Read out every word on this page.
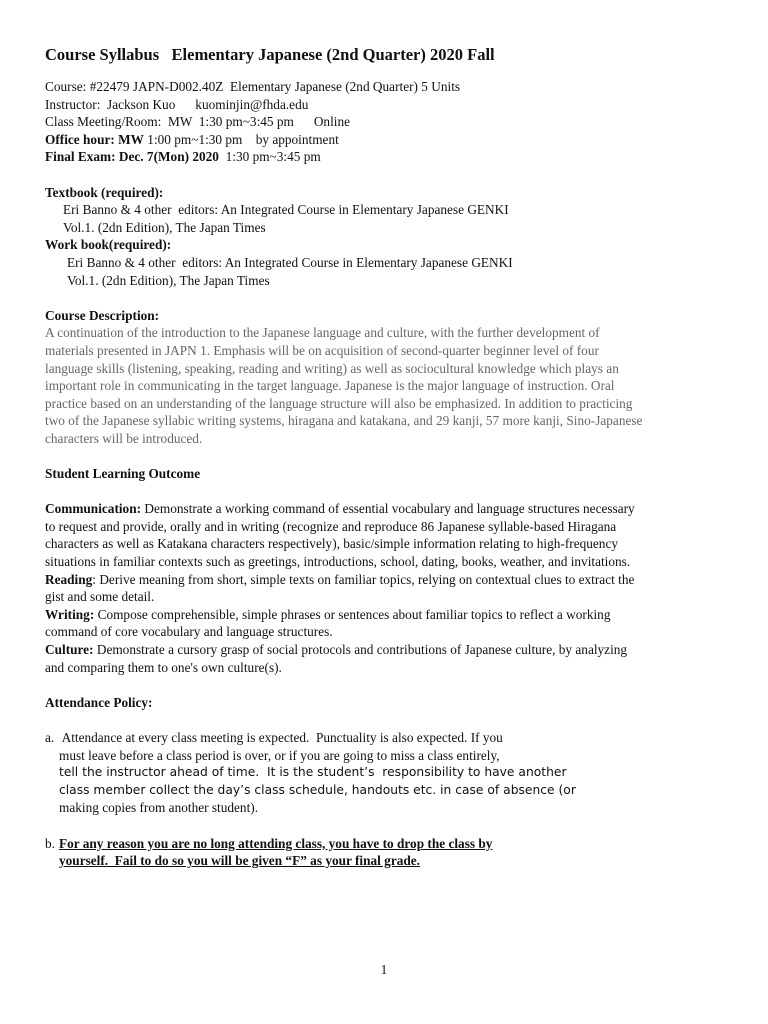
Course Syllabus   Elementary Japanese (2nd Quarter) 2020 Fall
Course: #22479 JAPN-D002.40Z  Elementary Japanese (2nd Quarter) 5 Units
Instructor:  Jackson Kuo      kuominjin@fhda.edu
Class Meeting/Room:  MW  1:30 pm~3:45 pm      Online
Office hour: MW 1:00 pm~1:30 pm    by appointment
Final Exam: Dec. 7(Mon) 2020  1:30 pm~3:45 pm
Textbook (required):
Eri Banno & 4 other  editors: An Integrated Course in Elementary Japanese GENKI
Vol.1. (2dn Edition), The Japan Times
Work book(required):
Eri Banno & 4 other  editors: An Integrated Course in Elementary Japanese GENKI
Vol.1. (2dn Edition), The Japan Times
Course Description:
A continuation of the introduction to the Japanese language and culture, with the further development of
materials presented in JAPN 1. Emphasis will be on acquisition of second-quarter beginner level of four
language skills (listening, speaking, reading and writing) as well as sociocultural knowledge which plays an
important role in communicating in the target language. Japanese is the major language of instruction. Oral
practice based on an understanding of the language structure will also be emphasized. In addition to practicing
two of the Japanese syllabic writing systems, hiragana and katakana, and 29 kanji, 57 more kanji, Sino-Japanese
characters will be introduced.
Student Learning Outcome
Communication: Demonstrate a working command of essential vocabulary and language structures necessary
to request and provide, orally and in writing (recognize and reproduce 86 Japanese syllable-based Hiragana
characters as well as Katakana characters respectively), basic/simple information relating to high-frequency
situations in familiar contexts such as greetings, introductions, school, dating, books, weather, and invitations.
Reading: Derive meaning from short, simple texts on familiar topics, relying on contextual clues to extract the
gist and some detail.
Writing: Compose comprehensible, simple phrases or sentences about familiar topics to reflect a working
command of core vocabulary and language structures.
Culture: Demonstrate a cursory grasp of social protocols and contributions of Japanese culture, by analyzing
and comparing them to one's own culture(s).
Attendance Policy:
a. Attendance at every class meeting is expected.  Punctuality is also expected. If you
must leave before a class period is over, or if you are going to miss a class entirely,
tell the instructor ahead of time.  It is the student’s  responsibility to have another
class member collect the day’s class schedule, handouts etc. in case of absence (or
making copies from another student).
b. For any reason you are no long attending class, you have to drop the class by
yourself.  Fail to do so you will be given “F” as your final grade.
1
